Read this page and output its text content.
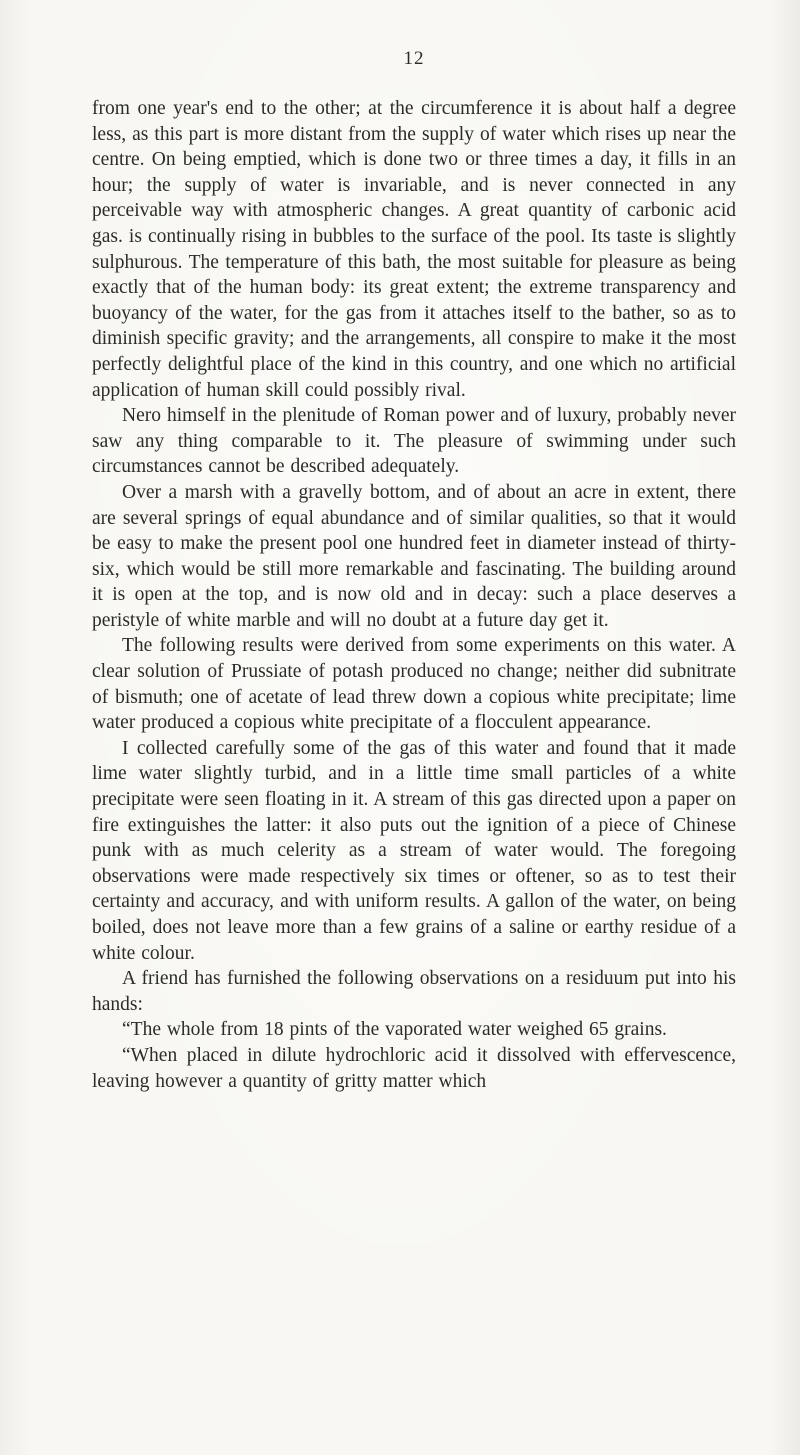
12

from one year's end to the other; at the circumference it is about half a degree less, as this part is more distant from the supply of water which rises up near the centre. On being emptied, which is done two or three times a day, it fills in an hour; the supply of water is invariable, and is never connected in any perceivable way with atmospheric changes. A great quantity of carbonic acid gas. is continually rising in bubbles to the surface of the pool. Its taste is slightly sulphurous. The temperature of this bath, the most suitable for pleasure as being exactly that of the human body: its great extent; the extreme transparency and buoyancy of the water, for the gas from it attaches itself to the bather, so as to diminish specific gravity; and the arrangements, all conspire to make it the most perfectly delightful place of the kind in this country, and one which no artificial application of human skill could possibly rival.

Nero himself in the plenitude of Roman power and of luxury, probably never saw any thing comparable to it. The pleasure of swimming under such circumstances cannot be described adequately.

Over a marsh with a gravelly bottom, and of about an acre in extent, there are several springs of equal abundance and of similar qualities, so that it would be easy to make the present pool one hundred feet in diameter instead of thirty-six, which would be still more remarkable and fascinating. The building around it is open at the top, and is now old and in decay: such a place deserves a peristyle of white marble and will no doubt at a future day get it.

The following results were derived from some experiments on this water. A clear solution of Prussiate of potash produced no change; neither did subnitrate of bismuth; one of acetate of lead threw down a copious white precipitate; lime water produced a copious white precipitate of a flocculent appearance.

I collected carefully some of the gas of this water and found that it made lime water slightly turbid, and in a little time small particles of a white precipitate were seen floating in it. A stream of this gas directed upon a paper on fire extinguishes the latter: it also puts out the ignition of a piece of Chinese punk with as much celerity as a stream of water would. The foregoing observations were made respectively six times or oftener, so as to test their certainty and accuracy, and with uniform results. A gallon of the water, on being boiled, does not leave more than a few grains of a saline or earthy residue of a white colour.

A friend has furnished the following observations on a residuum put into his hands:

“The whole from 18 pints of the vaporated water weighed 65 grains.

“When placed in dilute hydrochloric acid it dissolved with effervescence, leaving however a quantity of gritty matter which
